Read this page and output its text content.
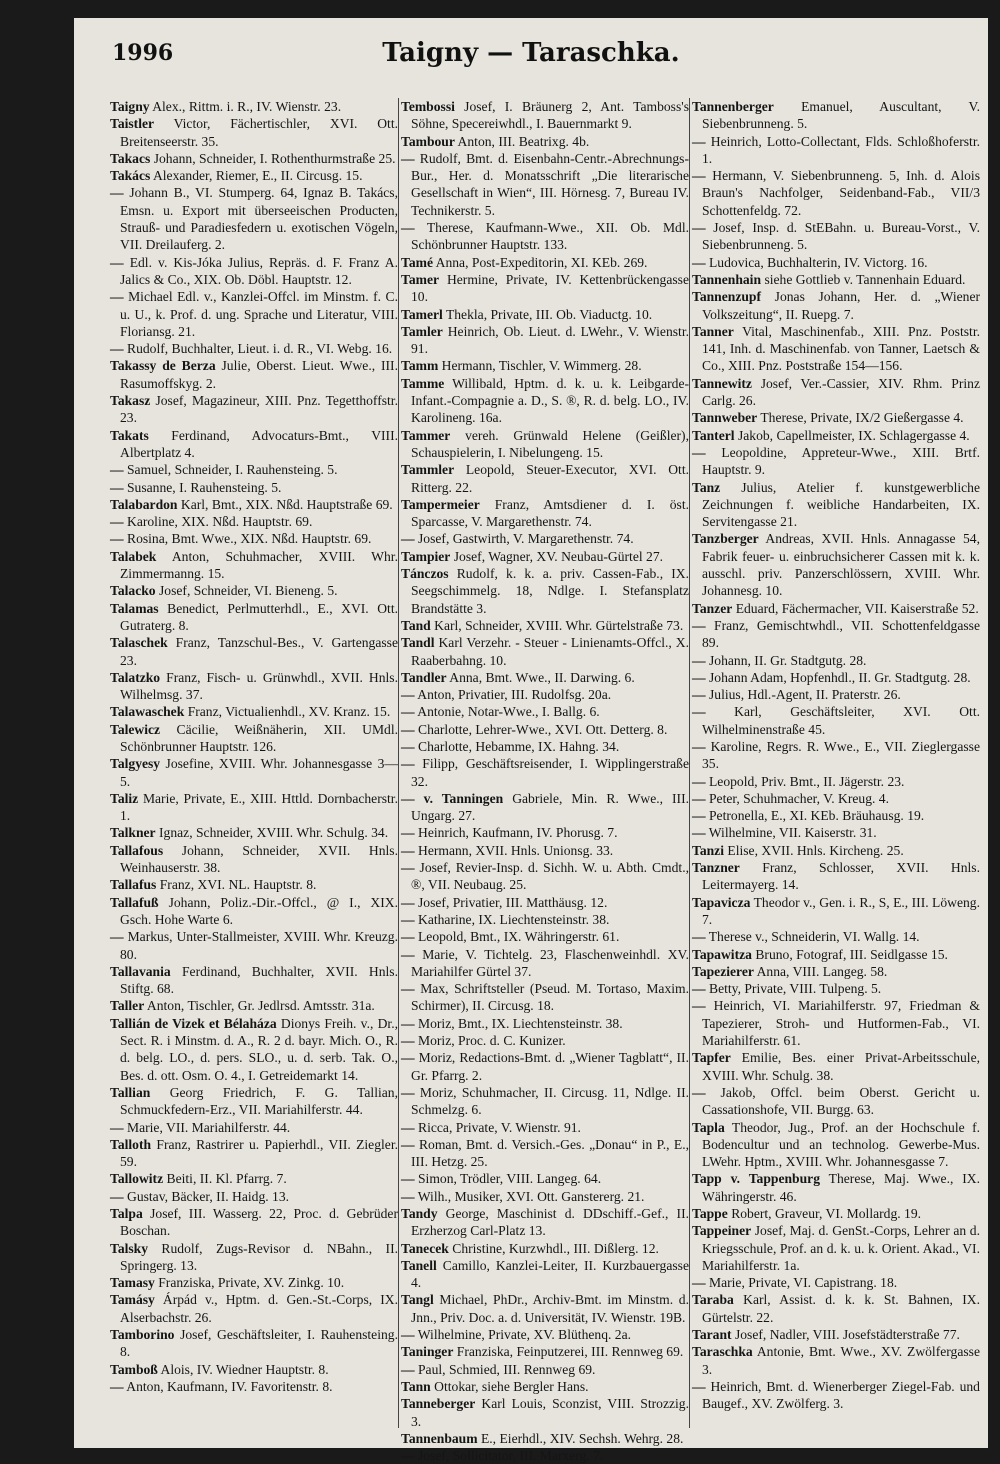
1996	Taigny — Taraschka.

Taigny Alex., Rittm. i. R., IV. Wienstr. 23.

Taistler Victor, Fächertischler, XVI. Ott. Breitenseerstr. 35.

Takacs Johann, Schneider, I. Rothenthurmstraße 25.

Takács Alexander, Riemer, E., II. Circusg. 15.

— Johann B., VI. Stumperg. 64, Ignaz B. Takács, Emsn. u. Export mit überseeischen Producten, Strauß- und Paradiesfedern u. exotischen Vögeln, VII. Dreilauferg. 2.

— Edl. v. Kis-Jóka Julius, Repräs. d. F. Franz A. Jalics & Co., XIX. Ob. Döbl. Hauptstr. 12.

— Michael Edl. v., Kanzlei-Offcl. im Minstm. f. C. u. U., k. Prof. d. ung. Sprache und Literatur, VIII. Floriansg. 21.

— Rudolf, Buchhalter, Lieut. i. d. R., VI. Webg. 16.

Takassy de Berza Julie, Oberst. Lieut. Wwe., III. Rasumoffskyg. 2.

Takasz Josef, Magazineur, XIII. Pnz. Tegetthoffstr. 23.

Takats Ferdinand, Advocaturs-Bmt., VIII. Albertplatz 4.

— Samuel, Schneider, I. Rauhensteing. 5.

— Susanne, I. Rauhensteing. 5.

Talabardon Karl, Bmt., XIX. Nßd. Hauptstraße 69.

— Karoline, XIX. Nßd. Hauptstr. 69.

— Rosina, Bmt. Wwe., XIX. Nßd. Hauptstr. 69.

Talabek Anton, Schuhmacher, XVIII. Whr. Zimmermanng. 15.

Talacko Josef, Schneider, VI. Bieneng. 5.

Talamas Benedict, Perlmutterhdl., E., XVI. Ott. Gutraterg. 8.

Talaschek Franz, Tanzschul-Bes., V. Gartengasse 23.

Talatzko Franz, Fisch- u. Grünwhdl., XVII. Hnls. Wilhelmsg. 37.

Talawaschek Franz, Victualienhdl., XV. Kranz. 15.

Talewicz Cäcilie, Weißnäherin, XII. UMdl. Schönbrunner Hauptstr. 126.

Talgyesy Josefine, XVIII. Whr. Johannesgasse 3—5.

Taliz Marie, Private, E., XIII. Httld. Dornbacherstr. 1.

Talkner Ignaz, Schneider, XVIII. Whr. Schulg. 34.

Tallafous Johann, Schneider, XVII. Hnls. Weinhauserstr. 38.

Tallafus Franz, XVI. NL. Hauptstr. 8.

Tallafuß Johann, Poliz.-Dir.-Offcl., @ I., XIX. Gsch. Hohe Warte 6.

— Markus, Unter-Stallmeister, XVIII. Whr. Kreuzg. 80.

Tallavania Ferdinand, Buchhalter, XVII. Hnls. Stiftg. 68.

Taller Anton, Tischler, Gr. Jedlrsd. Amtsstr. 31a.

Tallián de Vizek et Bélaháza Dionys Freih. v., Dr., Sect. R. i Minstm. d. A., R. 2 d. bayr. Mich. O., R. d. belg. LO., d. pers. SLO., u. d. serb. Tak. O., Bes. d. ott. Osm. O. 4., I. Getreidemarkt 14.

Tallian Georg Friedrich, F. G. Tallian, Schmuckfedern-Erz., VII. Mariahilferstr. 44.

— Marie, VII. Mariahilferstr. 44.

Talloth Franz, Rastrirer u. Papierhdl., VII. Ziegler. 59.

Tallowitz Beiti, II. Kl. Pfarrg. 7.

— Gustav, Bäcker, II. Haidg. 13.

Talpa Josef, III. Wasserg. 22, Proc. d. Gebrüder Boschan.

Talsky Rudolf, Zugs-Revisor d. NBahn., II. Springerg. 13.

Tamasy Franziska, Private, XV. Zinkg. 10.

Tamásy Árpád v., Hptm. d. Gen.-St.-Corps, IX. Alserbachstr. 26.

Tamborino Josef, Geschäftsleiter, I. Rauhensteing. 8.

Tamboß Alois, IV. Wiedner Hauptstr. 8.

— Anton, Kaufmann, IV. Favoritenstr. 8.

Tembossi Josef, I. Bräunerg 2, Ant. Tamboss's Söhne, Specereiwhdl., I. Bauernmarkt 9.

Tambour Anton, III. Beatrixg. 4b.

— Rudolf, Bmt. d. Eisenbahn-Centr.-Abrechnungs-Bur., Her. d. Monatsschrift „Die literarische Gesellschaft in Wien“, III. Hörnesg. 7, Bureau IV. Technikerstr. 5.

— Therese, Kaufmann-Wwe., XII. Ob. Mdl. Schönbrunner Hauptstr. 133.

Tamé Anna, Post-Expeditorin, XI. KEb. 269.

Tamer Hermine, Private, IV. Kettenbrückengasse 10.

Tamerl Thekla, Private, III. Ob. Viaductg. 10.

Tamler Heinrich, Ob. Lieut. d. LWehr., V. Wienstr. 91.

Tamm Hermann, Tischler, V. Wimmerg. 28.

Tamme Willibald, Hptm. d. k. u. k. Leibgarde-Infant.-Compagnie a. D., S. ®, R. d. belg. LO., IV. Karolineng. 16a.

Tammer vereh. Grünwald Helene (Geißler), Schauspielerin, I. Nibelungeng. 15.

Tammler Leopold, Steuer-Executor, XVI. Ott. Ritterg. 22.

Tampermeier Franz, Amtsdiener d. I. öst. Sparcasse, V. Margarethenstr. 74.

— Josef, Gastwirth, V. Margarethenstr. 74.

Tampier Josef, Wagner, XV. Neubau-Gürtel 27.

Tánczos Rudolf, k. k. a. priv. Cassen-Fab., IX. Seegschimmelg. 18, Ndlge. I. Stefansplatz Brandstätte 3.

Tand Karl, Schneider, XVIII. Whr. Gürtelstraße 73.

Tandl Karl Verzehr. - Steuer - Linienamts-Offcl., X. Raaberbahng. 10.

Tandler Anna, Bmt. Wwe., II. Darwing. 6.

— Anton, Privatier, III. Rudolfsg. 20a.

— Antonie, Notar-Wwe., I. Ballg. 6.

— Charlotte, Lehrer-Wwe., XVI. Ott. Detterg. 8.

— Charlotte, Hebamme, IX. Hahng. 34.

— Filipp, Geschäftsreisender, I. Wipplingerstraße 32.

— v. Tanningen Gabriele, Min. R. Wwe., III. Ungarg. 27.

— Heinrich, Kaufmann, IV. Phorusg. 7.

— Hermann, XVII. Hnls. Unionsg. 33.

— Josef, Revier-Insp. d. Sichh. W. u. Abth. Cmdt., ®, VII. Neubaug. 25.

— Josef, Privatier, III. Matthäusg. 12.

— Katharine, IX. Liechtensteinstr. 38.

— Leopold, Bmt., IX. Währingerstr. 61.

— Marie, V. Tichtelg. 23, Flaschenweinhdl. XV. Mariahilfer Gürtel 37.

— Max, Schriftsteller (Pseud. M. Tortaso, Maxim. Schirmer), II. Circusg. 18.

— Moriz, Bmt., IX. Liechtensteinstr. 38.

— Moriz, Proc. d. C. Kunizer.

— Moriz, Redactions-Bmt. d. „Wiener Tagblatt“, II. Gr. Pfarrg. 2.

— Moriz, Schuhmacher, II. Circusg. 11, Ndlge. II. Schmelzg. 6.

— Ricca, Private, V. Wienstr. 91.

— Roman, Bmt. d. Versich.-Ges. „Donau“ in P., E., III. Hetzg. 25.

— Simon, Trödler, VIII. Langeg. 64.

— Wilh., Musiker, XVI. Ott. Ganstererg. 21.

Tandy George, Maschinist d. DDschiff.-Gef., II. Erzherzog Carl-Platz 13.

Tanecek Christine, Kurzwhdl., III. Dißlerg. 12.

Tanell Camillo, Kanzlei-Leiter, II. Kurzbauergasse 4.

Tangl Michael, PhDr., Archiv-Bmt. im Minstm. d. Jnn., Priv. Doc. a. d. Universität, IV. Wienstr. 19B.

— Wilhelmine, Private, XV. Blüthenq. 2a.

Taninger Franziska, Feinputzerei, III. Rennweg 69.

— Paul, Schmied, III. Rennweg 69.

Tann Ottokar, siehe Bergler Hans.

Tanneberger Karl Louis, Sconzist, VIII. Strozzig. 3.

Tannenbaum E., Eierhdl., XIV. Sechsh. Wehrg. 28.

— Josef, Sollicitator, III. Marxerg. 7.

Tannenberger Emanuel, Auscultant, V. Siebenbrunneng. 5.

— Heinrich, Lotto-Collectant, Flds. Schloßhoferstr. 1.

— Hermann, V. Siebenbrunneng. 5, Inh. d. Alois Braun's Nachfolger, Seidenband-Fab., VII/3 Schottenfeldg. 72.

— Josef, Insp. d. StEBahn. u. Bureau-Vorst., V. Siebenbrunneng. 5.

— Ludovica, Buchhalterin, IV. Victorg. 16.

Tannenhain siehe Gottlieb v. Tannenhain Eduard.

Tannenzupf Jonas Johann, Her. d. „Wiener Volkszeitung“, II. Ruepg. 7.

Tanner Vital, Maschinenfab., XIII. Pnz. Poststr. 141, Inh. d. Maschinenfab. von Tanner, Laetsch & Co., XIII. Pnz. Poststraße 154—156.

Tannewitz Josef, Ver.-Cassier, XIV. Rhm. Prinz Carlg. 26.

Tannweber Therese, Private, IX/2 Gießergasse 4.

Tanterl Jakob, Capellmeister, IX. Schlagergasse 4.

— Leopoldine, Appreteur-Wwe., XIII. Brtf. Hauptstr. 9.

Tanz Julius, Atelier f. kunstgewerbliche Zeichnungen f. weibliche Handarbeiten, IX. Servitengasse 21.

Tanzberger Andreas, XVII. Hnls. Annagasse 54, Fabrik feuer- u. einbruchsicherer Cassen mit k. k. ausschl. priv. Panzerschlössern, XVIII. Whr. Johannesg. 10.

Tanzer Eduard, Fächermacher, VII. Kaiserstraße 52.

— Franz, Gemischtwhdl., VII. Schottenfeldgasse 89.

— Johann, II. Gr. Stadtgutg. 28.

— Johann Adam, Hopfenhdl., II. Gr. Stadtgutg. 28.

— Julius, Hdl.-Agent, II. Praterstr. 26.

— Karl, Geschäftsleiter, XVI. Ott. Wilhelminenstraße 45.

— Karoline, Regrs. R. Wwe., E., VII. Zieglergasse 35.

— Leopold, Priv. Bmt., II. Jägerstr. 23.

— Peter, Schuhmacher, V. Kreug. 4.

— Petronella, E., XI. KEb. Bräuhausg. 19.

— Wilhelmine, VII. Kaiserstr. 31.

Tanzi Elise, XVII. Hnls. Kircheng. 25.

Tanzner Franz, Schlosser, XVII. Hnls. Leitermayerg. 14.

Tapavicza Theodor v., Gen. i. R., S, E., III. Löweng. 7.

— Therese v., Schneiderin, VI. Wallg. 14.

Tapawitza Bruno, Fotograf, III. Seidlgasse 15.

Tapezierer Anna, VIII. Langeg. 58.

— Betty, Private, VIII. Tulpeng. 5.

— Heinrich, VI. Mariahilferstr. 97, Friedman & Tapezierer, Stroh- und Hutformen-Fab., VI. Mariahilferstr. 61.

Tapfer Emilie, Bes. einer Privat-Arbeitsschule, XVIII. Whr. Schulg. 38.

— Jakob, Offcl. beim Oberst. Gericht u. Cassationshofe, VII. Burgg. 63.

Tapla Theodor, Jug., Prof. an der Hochschule f. Bodencultur und an technolog. Gewerbe-Mus. LWehr. Hptm., XVIII. Whr. Johannesgasse 7.

Tapp v. Tappenburg Therese, Maj. Wwe., IX. Währingerstr. 46.

Tappe Robert, Graveur, VI. Mollardg. 19.

Tappeiner Josef, Maj. d. GenSt.-Corps, Lehrer an d. Kriegsschule, Prof. an d. k. u. k. Orient. Akad., VI. Mariahilferstr. 1a.

— Marie, Private, VI. Capistrang. 18.

Taraba Karl, Assist. d. k. k. St. Bahnen, IX. Gürtelstr. 22.

Tarant Josef, Nadler, VIII. Josefstädterstraße 77.

Taraschka Antonie, Bmt. Wwe., XV. Zwölfergasse 3.

— Heinrich, Bmt. d. Wienerberger Ziegel-Fab. und Baugef., XV. Zwölferg. 3.
